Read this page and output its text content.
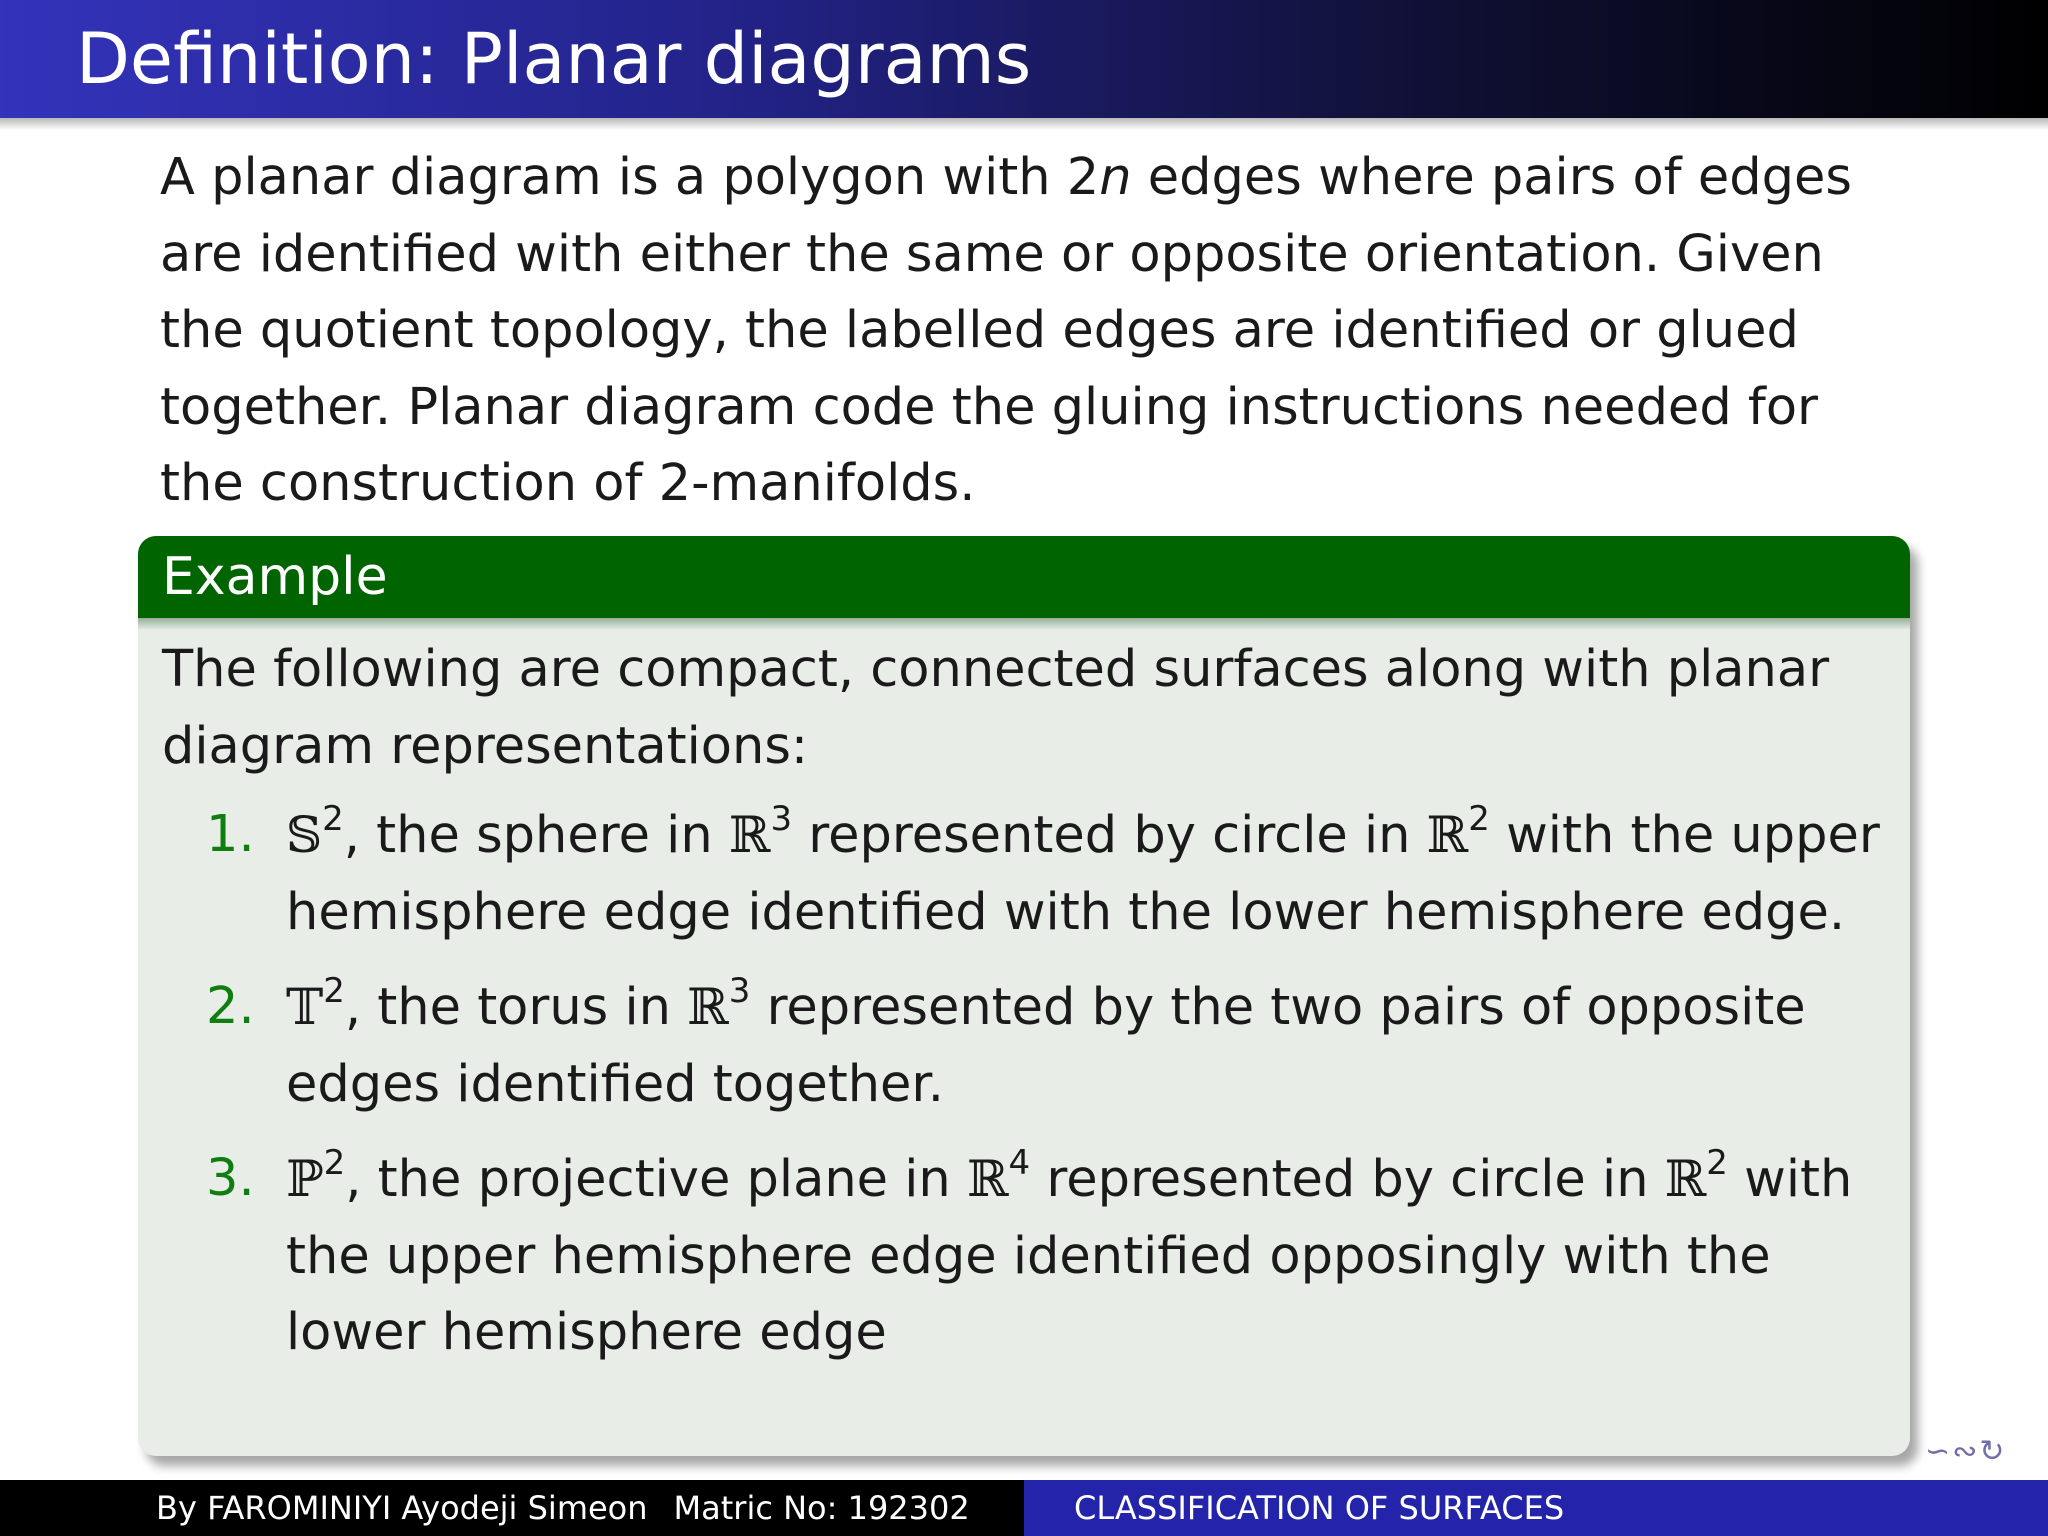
Definition: Planar diagrams

A planar diagram is a polygon with 2n edges where pairs of edges are identified with either the same or opposite orientation. Given the quotient topology, the labelled edges are identified or glued together. Planar diagram code the gluing instructions needed for the construction of 2-manifolds.

Example

The following are compact, connected surfaces along with planar diagram representations:

1. 𝕊$^2$, the sphere in ℝ$^3$ represented by circle in ℝ$^2$ with the upper hemisphere edge identified with the lower hemisphere edge.
2. 𝕋$^2$, the torus in ℝ$^3$ represented by the two pairs of opposite edges identified together.
3. ℙ$^2$, the projective plane in ℝ$^4$ represented by circle in ℝ$^2$ with the upper hemisphere edge identified opposingly with the lower hemisphere edge
∽∾↻
By FAROMINIYI Ayodeji Simeon Matric No: 192302	CLASSIFICATION OF SURFACES
